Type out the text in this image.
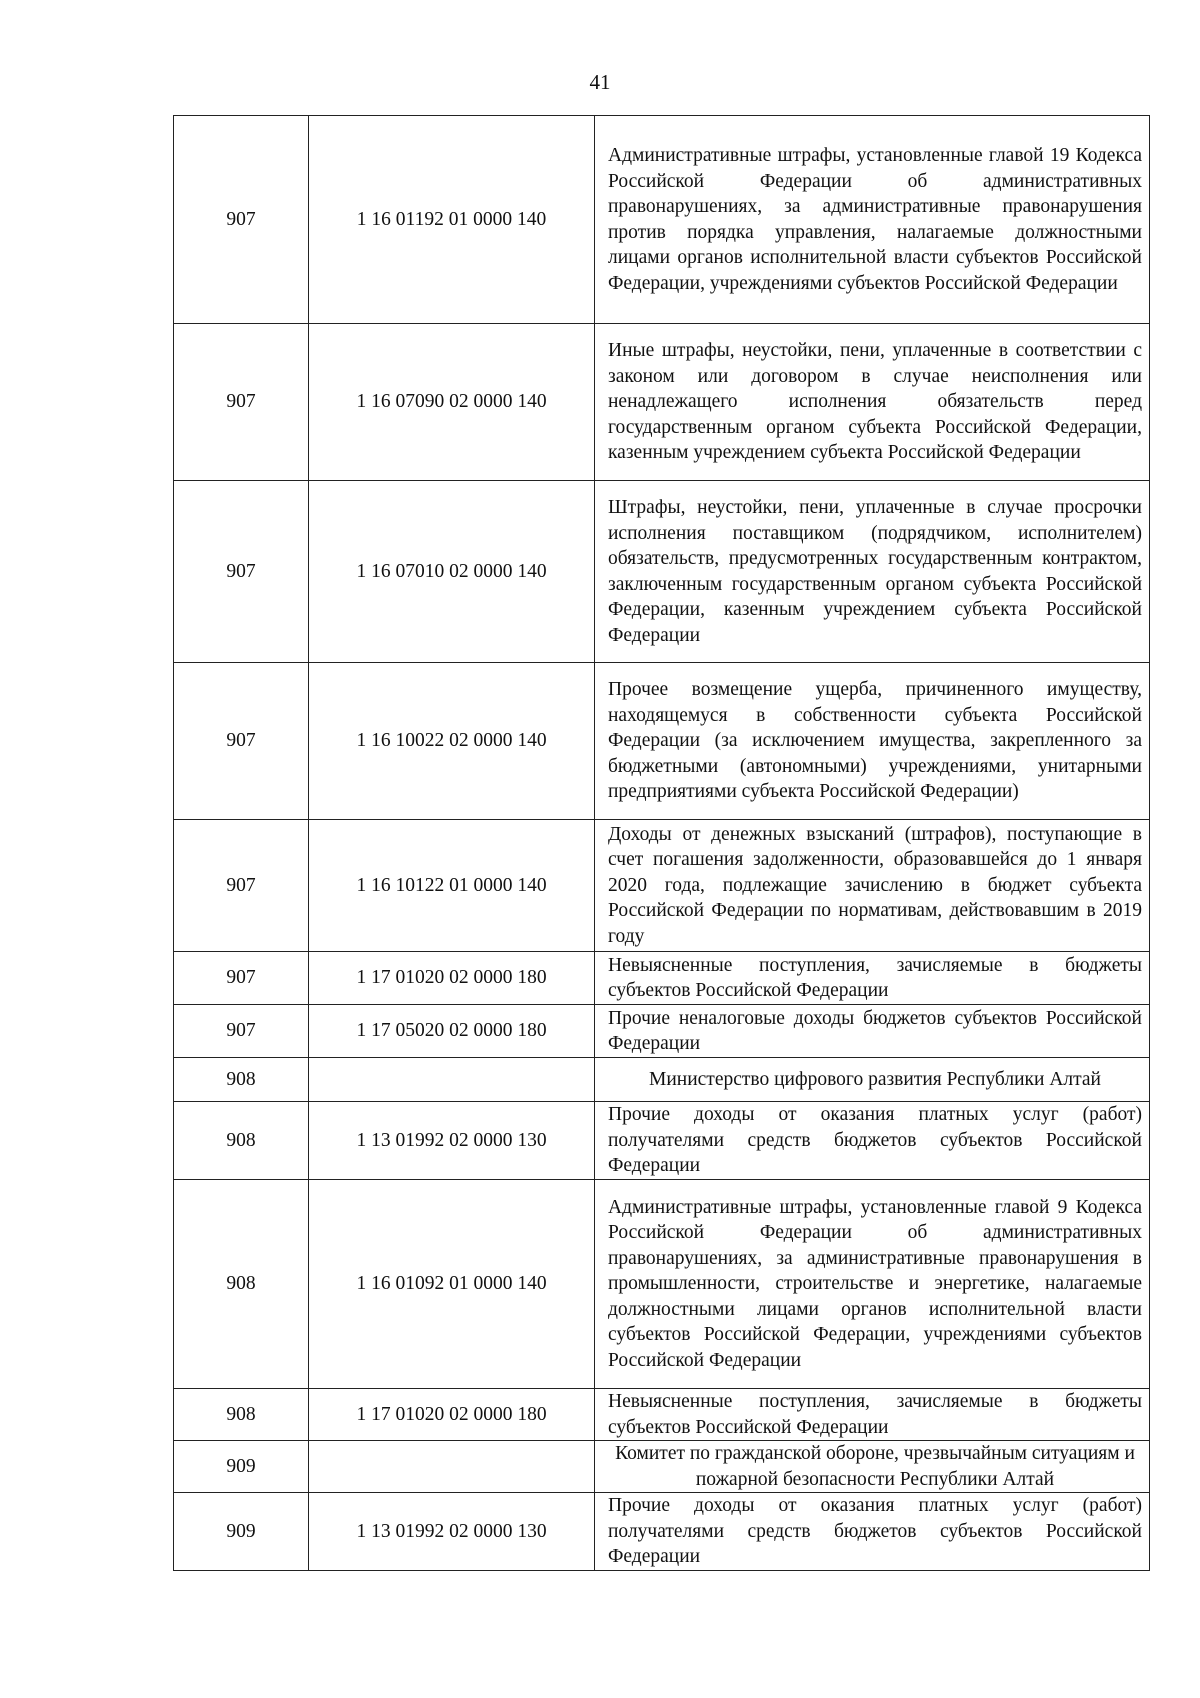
41
907	1 16 01192 01 0000 140	Административные штрафы, установленные главой 19 Кодекса Российской Федерации об административных правонарушениях, за административные правонарушения против порядка управления, налагаемые должностными лицами органов исполнительной власти субъектов Российской Федерации, учреждениями субъектов Российской Федерации
907	1 16 07090 02 0000 140	Иные штрафы, неустойки, пени, уплаченные в соответствии с законом или договором в случае неисполнения или ненадлежащего исполнения обязательств перед государственным органом субъекта Российской Федерации, казенным учреждением субъекта Российской Федерации
907	1 16 07010 02 0000 140	Штрафы, неустойки, пени, уплаченные в случае просрочки исполнения поставщиком (подрядчиком, исполнителем) обязательств, предусмотренных государственным контрактом, заключенным государственным органом субъекта Российской Федерации, казенным учреждением субъекта Российской Федерации
907	1 16 10022 02 0000 140	Прочее возмещение ущерба, причиненного имуществу, находящемуся в собственности субъекта Российской Федерации (за исключением имущества, закрепленного за бюджетными (автономными) учреждениями, унитарными предприятиями субъекта Российской Федерации)
907	1 16 10122 01 0000 140	Доходы от денежных взысканий (штрафов), поступающие в счет погашения задолженности, образовавшейся до 1 января 2020 года, подлежащие зачислению в бюджет субъекта Российской Федерации по нормативам, действовавшим в 2019 году
907	1 17 01020 02 0000 180	Невыясненные поступления, зачисляемые в бюджеты субъектов Российской Федерации
907	1 17 05020 02 0000 180	Прочие неналоговые доходы бюджетов субъектов Российской Федерации
908		Министерство цифрового развития Республики Алтай
908	1 13 01992 02 0000 130	Прочие доходы от оказания платных услуг (работ) получателями средств бюджетов субъектов Российской Федерации
908	1 16 01092 01 0000 140	Административные штрафы, установленные главой 9 Кодекса Российской Федерации об административных правонарушениях, за административные правонарушения в промышленности, строительстве и энергетике, налагаемые должностными лицами органов исполнительной власти субъектов Российской Федерации, учреждениями субъектов Российской Федерации
908	1 17 01020 02 0000 180	Невыясненные поступления, зачисляемые в бюджеты субъектов Российской Федерации
909		Комитет по гражданской обороне, чрезвычайным ситуациям и пожарной безопасности Республики Алтай
909	1 13 01992 02 0000 130	Прочие доходы от оказания платных услуг (работ) получателями средств бюджетов субъектов Российской Федерации
